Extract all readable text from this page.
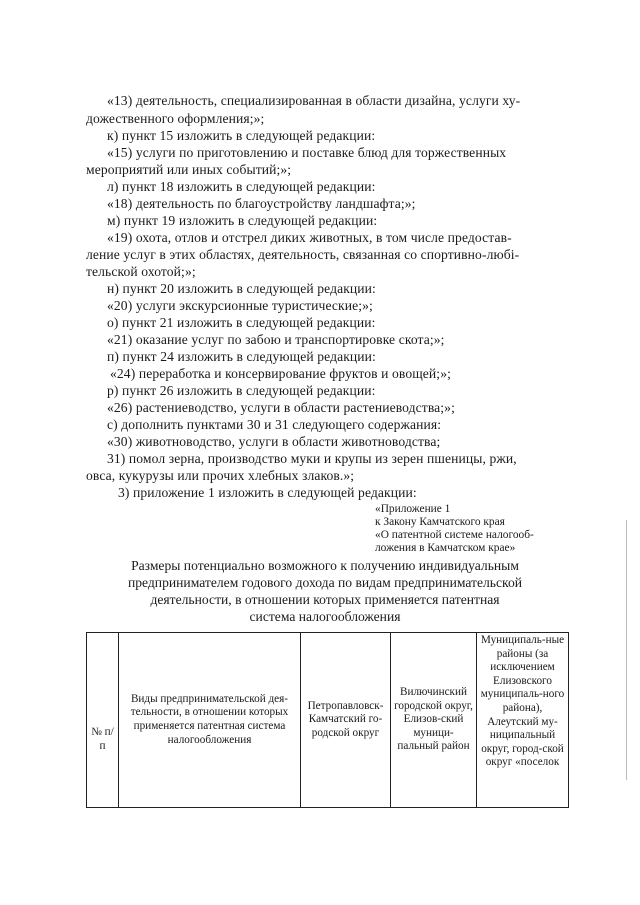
«13) деятельность, специализированная в области дизайна, услуги ху-
дожественного оформления;»;
к) пункт 15 изложить в следующей редакции:
«15) услуги по приготовлению и поставке блюд для торжественных
мероприятий или иных событий;»;
л) пункт 18 изложить в следующей редакции:
«18) деятельность по благоустройству ландшафта;»;
м) пункт 19 изложить в следующей редакции:
«19) охота, отлов и отстрел диких животных, в том числе предостав-
ление услуг в этих областях, деятельность, связанная со спортивно-любi-
тельской охотой;»;
н) пункт 20 изложить в следующей редакции:
«20) услуги экскурсионные туристические;»;
о) пункт 21 изложить в следующей редакции:
«21) оказание услуг по забою и транспортировке скота;»;
п) пункт 24 изложить в следующей редакции:
«24) переработка и консервирование фруктов и овощей;»;
р) пункт 26 изложить в следующей редакции:
«26) растениеводство, услуги в области растениеводства;»;
с) дополнить пунктами 30 и 31 следующего содержания:
«30) животноводство, услуги в области животноводства;
31) помол зерна, производство муки и крупы из зерен пшеницы, ржи,
овса, кукурузы или прочих хлебных злаков.»;
3) приложение 1 изложить в следующей редакции:
«Приложение 1
к Закону Камчатского края
«О патентной системе налогооб-
ложения в Камчатском крае»
Размеры потенциально возможного к получению индивидуальным
предпринимателем годового дохода по видам предпринимательской
деятельности, в отношении которых применяется патентная
система налогообложения
№ п/п	Виды предпринимательской дея-тельности, в отношении которых применяется патентная система налогообложения	Петропавловск-Камчатский го-родской округ	Вилючинский городской округ, Елизов-ский муници-пальный район	Муниципаль-ные районы (за исключением Елизовского муниципаль-ного района), Алеутский му-ниципальный округ, город-ской округ «поселок
